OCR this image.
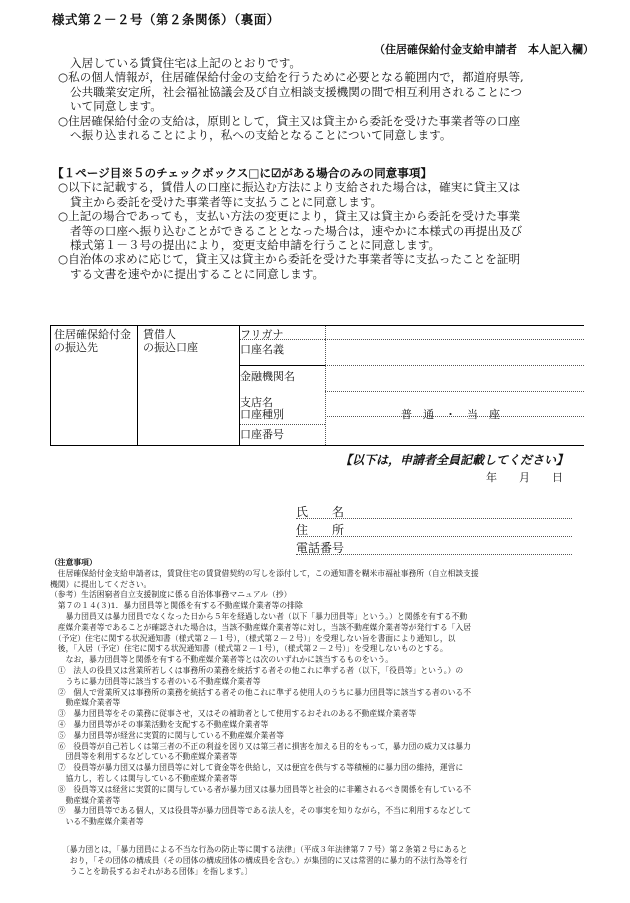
様式第２－２号（第２条関係）（裏面）
（住居確保給付金支給申請者　本人記入欄）
入居している賃貸住宅は上記のとおりです。
○私の個人情報が，住居確保給付金の支給を行うために必要となる範囲内で，都道府県等,
公共職業安定所，社会福祉協議会及び自立相談支援機関の間で相互利用されることにつ
いて同意します。
○住居確保給付金の支給は，原則として，貸主又は貸主から委託を受けた事業者等の口座
へ振り込まれることにより，私への支給となることについて同意します。
【１ページ目※５のチェックボックス□に☑がある場合のみの同意事項】
○以下に記載する，賃借人の口座に振込む方法により支給された場合は，確実に貸主又は
貸主から委託を受けた事業者等に支払うことに同意します。
○上記の場合であっても，支払い方法の変更により，貸主又は貸主から委託を受けた事業
者等の口座へ振り込むことができることとなった場合は，速やかに本様式の再提出及び
様式第１－３号の提出により，変更支給申請を行うことに同意します。
○自治体の求めに応じて，貸主又は貸主から委託を受けた事業者等に支払ったことを証明
する文書を速やかに提出することに同意します。
住居確保給付金
の振込先
賃借人
の振込口座
フリガナ
口座名義
金融機関名
支店名
口座種別	普　通　・　当　座
口座番号
【以下は，申請者全員記載してください】
年　　月　　日
氏　　名
住　　所
電話番号
（注意事項）
　住居確保給付金支給申請者は，賃貸住宅の賃貸借契約の写しを添付して，この通知書を糊米市福祉事務所（自立相談支援
機関）に提出してください。
（参考）生活困窮者自立支援制度に係る自治体事務マニュアル（抄）
　第７の１４(３)1．暴力団員等と関係を有する不動産媒介業者等の排除
　　暴力団員又は暴力団員でなくなった日から５年を経過しない者（以下「暴力団員等」という。）と関係を有する不動
　産媒介業者等であることが確認された場合は，当該不動産媒介業者等に対し，当該不動産媒介業者等が発行する「入居
　（予定）住宅に関する状況通知書（様式第２－１号），（様式第２－２号）」を受理しない旨を書面により通知し，以
　後，「入居（予定）住宅に関する状況通知書（様式第２－１号），（様式第２－２号）」を受理しないものとする。
　　なお，暴力団員等と関係を有する不動産媒介業者等とは次のいずれかに該当するものをいう。
　①　法人の役員又は営業所若しくは事務所の業務を統括する者その他これに準ずる者（以下，「役員等」という。）の
　　うちに暴力団員等に該当する者のいる不動産媒介業者等
　②　個人で営業所又は事務所の業務を統括する者その他これに準ずる使用人のうちに暴力団員等に該当する者のいる不
　　動産媒介業者等
　③　暴力団員等をその業務に従事させ，又はその補助者として使用するおそれのある不動産媒介業者等
　④　暴力団員等がその事業活動を支配する不動産媒介業者等
　⑤　暴力団員等が経営に実質的に関与している不動産媒介業者等
　⑥　役員等が自己若しくは第三者の不正の利益を図り又は第三者に損害を加える目的をもって，暴力団の威力又は暴力
　　団員等を利用するなどしている不動産媒介業者等
　⑦　役員等が暴力団又は暴力団員等に対して資金等を供給し，又は便宜を供与する等積極的に暴力団の維持，運営に
　　協力し，若しくは関与している不動産媒介業者等
　⑧　役員等又は経営に実質的に関与している者が暴力団又は暴力団員等と社会的に非難されるべき関係を有している不
　　動産媒介業者等
　⑨　暴力団員等である個人，又は役員等が暴力団員等である法人を，その事実を知りながら，不当に利用するなどして
　　いる不動産媒介業者等
〔暴力団とは，「暴力団員による不当な行為の防止等に関する法律」（平成３年法律第７７号）第２条第２号にあると
　おり，「その団体の構成員（その団体の構成団体の構成員を含む。）が集団的に又は常習的に暴力的不法行為等を行
　うことを助長するおそれがある団体」を指します。〕
